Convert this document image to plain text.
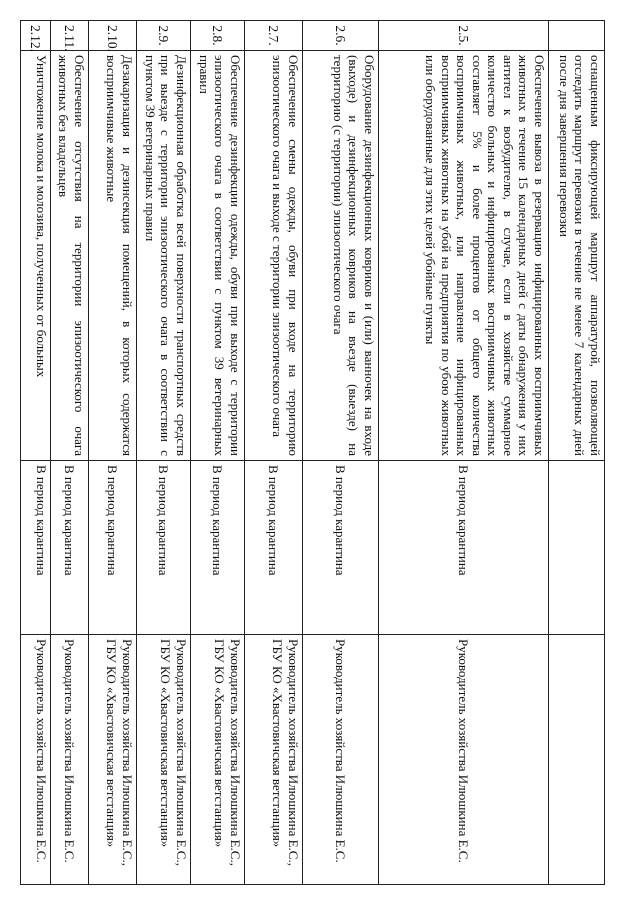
	оснащенным фиксирующей маршрут аппаратурой, позволяющей отследить маршрут перевозки в течение не менее 7 календарных дней после дня завершения перевозки		
2.5.	Обеспечение вывоза в резервацию инфицированных восприимчивых животных в течение 15 календарных дней с даты обнаружения у них антител к возбудителю, в случае, если в хозяйстве суммарное количество больных и инфицированных восприимчивых животных составляет 5% и более процентов от общего количества восприимчивых животных, или направление инфицированных восприимчивых животных на убой на предприятия по убою животных или оборудованные для этих целей убойные пункты	В период карантина	Руководитель хозяйства Илюшкина Е.С.
2.6.	Оборудование дезинфекционных ковриков и (или) ванночек на входе (выходе) и дезинфекционных ковриков на въезде (выезде) на территорию (с территории) эпизоотического очага	В период карантина	Руководитель хозяйства Илюшкина Е.С.
2.7.	Обеспечение смены одежды, обуви при входе на территорию эпизоотического очага и выходе с территории эпизоотического очага	В период карантина	Руководитель хозяйства Илюшкина Е.С., ГБУ КО «Хвастовичская ветстанция»
2.8.	Обеспечение дезинфекции одежды, обуви при выходе с территории эпизоотического очага в соответствии с пунктом 39 ветеринарных правил	В период карантина	Руководитель хозяйства Илюшкина Е.С., ГБУ КО «Хвастовичская ветстанция»
2.9.	Дезинфекционная обработка всей поверхности транспортных средств при выезде с территории эпизоотического очага в соответствии с пунктом 39 ветеринарных правил	В период карантина	Руководитель хозяйства Илюшкина Е.С., ГБУ КО «Хвастовичская ветстанция»
2.10.	Дезакаризация и дезинсекция помещений, в которых содержатся восприимчивые животные	В период карантина	Руководитель хозяйства Илюшкина Е.С., ГБУ КО «Хвастовичская ветстанция»
2.11.	Обеспечение отсутствия на территории эпизоотического очага животных без владельцев	В период карантина	Руководитель хозяйства Илюшкина Е.С.
2.12.	Уничтожение молока и молозива, полученных от больных	В период карантина	Руководитель хозяйства Илюшкина Е.С.
